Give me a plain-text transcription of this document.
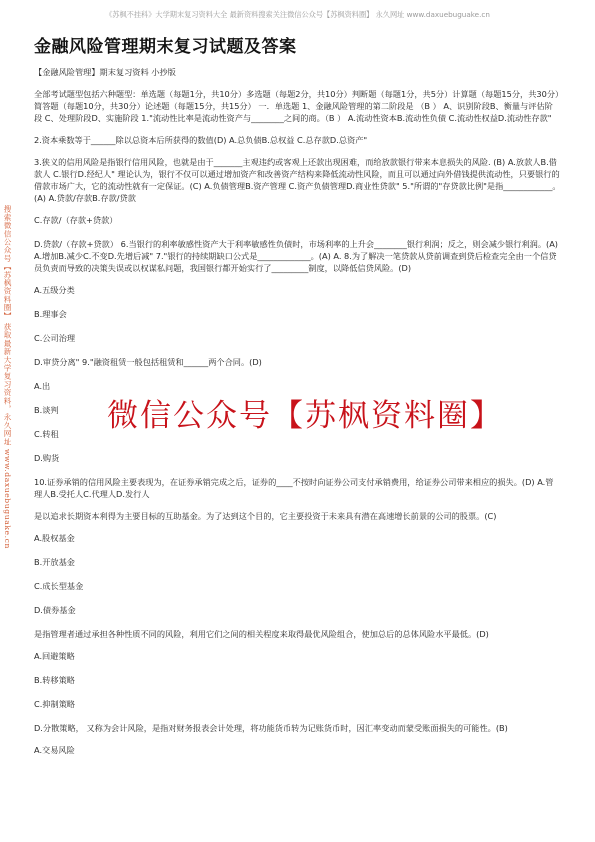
《苏枫不挂科》大学期末复习资料大全 最新资料搜索关注微信公众号【苏枫资料圈】 永久网址 www.daxuebuguake.cn
金融风险管理期末复习试题及答案

【金融风险管理】期末复习资料 小抄版

全部考试题型包括六种题型：单选题（每题1分，共10分）多选题（每题2分，共10分）判断题（每题1分，共5分）计算题（每题15分，共30分）简答题（每题10分，共30分）论述题（每题15分，共15分） 一．单选题 1、金融风险管理的第二阶段是 （B ） A、识别阶段B、衡量与评估阶段 C、处理阶段D、实施阶段 1."流动性比率是流动性资产与________之间的商。（B ） A.流动性资本B.流动性负债 C.流动性权益D.流动性存款"

2.资本乘数等于______除以总资本后所获得的数值(D) A.总负债B.总权益 C.总存款D.总资产"

3.狭义的信用风险是指银行信用风险，也就是由于_______主观违约或客观上还款出现困难，而给放款银行带来本息损失的风险. (B) A.放款人B.借款人 C.银行D.经纪人" 理论认为，银行不仅可以通过增加资产和改善资产结构来降低流动性风险，而且可以通过向外借钱提供流动性，只要银行的借款市场广大，它的流动性就有一定保证。(C) A.负债管理B.资产管理 C.资产负债管理D.商业性贷款" 5."所谓的"存贷款比例"是指____________。(A) A.贷款/存款B.存款/贷款

C.存款/（存款+贷款）

D.贷款/（存款+贷款） 6.当银行的利率敏感性资产大于利率敏感性负债时，市场利率的上升会________银行利润；反之，则会减少银行利润。(A) A.增加B.减少C.不变D.先增后减" 7."银行的持续期缺口公式是_____________。(A) A. 8.为了解决一笔贷款从贷前调查到贷后检查完全由一个信贷员负责而导致的决策失误或以权谋私问题，我国银行都开始实行了_________制度，以降低信贷风险。(D)

A.五级分类

B.理事会

C.公司治理

D.审贷分离" 9."融资租赁一般包括租赁和______两个合同。(D)

A.出

B.谈判

C.转租

D.购货

10.证券承销的信用风险主要表现为，在证券承销完成之后，证券的____不按时向证券公司支付承销费用，给证券公司带来相应的损失。(D) A.管理人B.受托人C.代理人D.发行人

是以追求长期资本利得为主要目标的互助基金。为了达到这个目的，它主要投资于未来具有潜在高速增长前景的公司的股票。(C)

A.股权基金

B.开放基金

C.成长型基金

D.债券基金

是指管理者通过承担各种性质不同的风险，利用它们之间的相关程度来取得最优风险组合，使加总后的总体风险水平最低。(D)

A.回避策略

B.转移策略

C.抑制策略

D.分散策略， 又称为会计风险，是指对财务报表会计处理，将功能货币转为记账货币时，因汇率变动而蒙受账面损失的可能性。(B)

A.交易风险

搜索微信公众号【苏枫资料圈】 获取最新大学复习资料，永久网址 www.daxuebuguake.cn	微信公众号【苏枫资料圈】
